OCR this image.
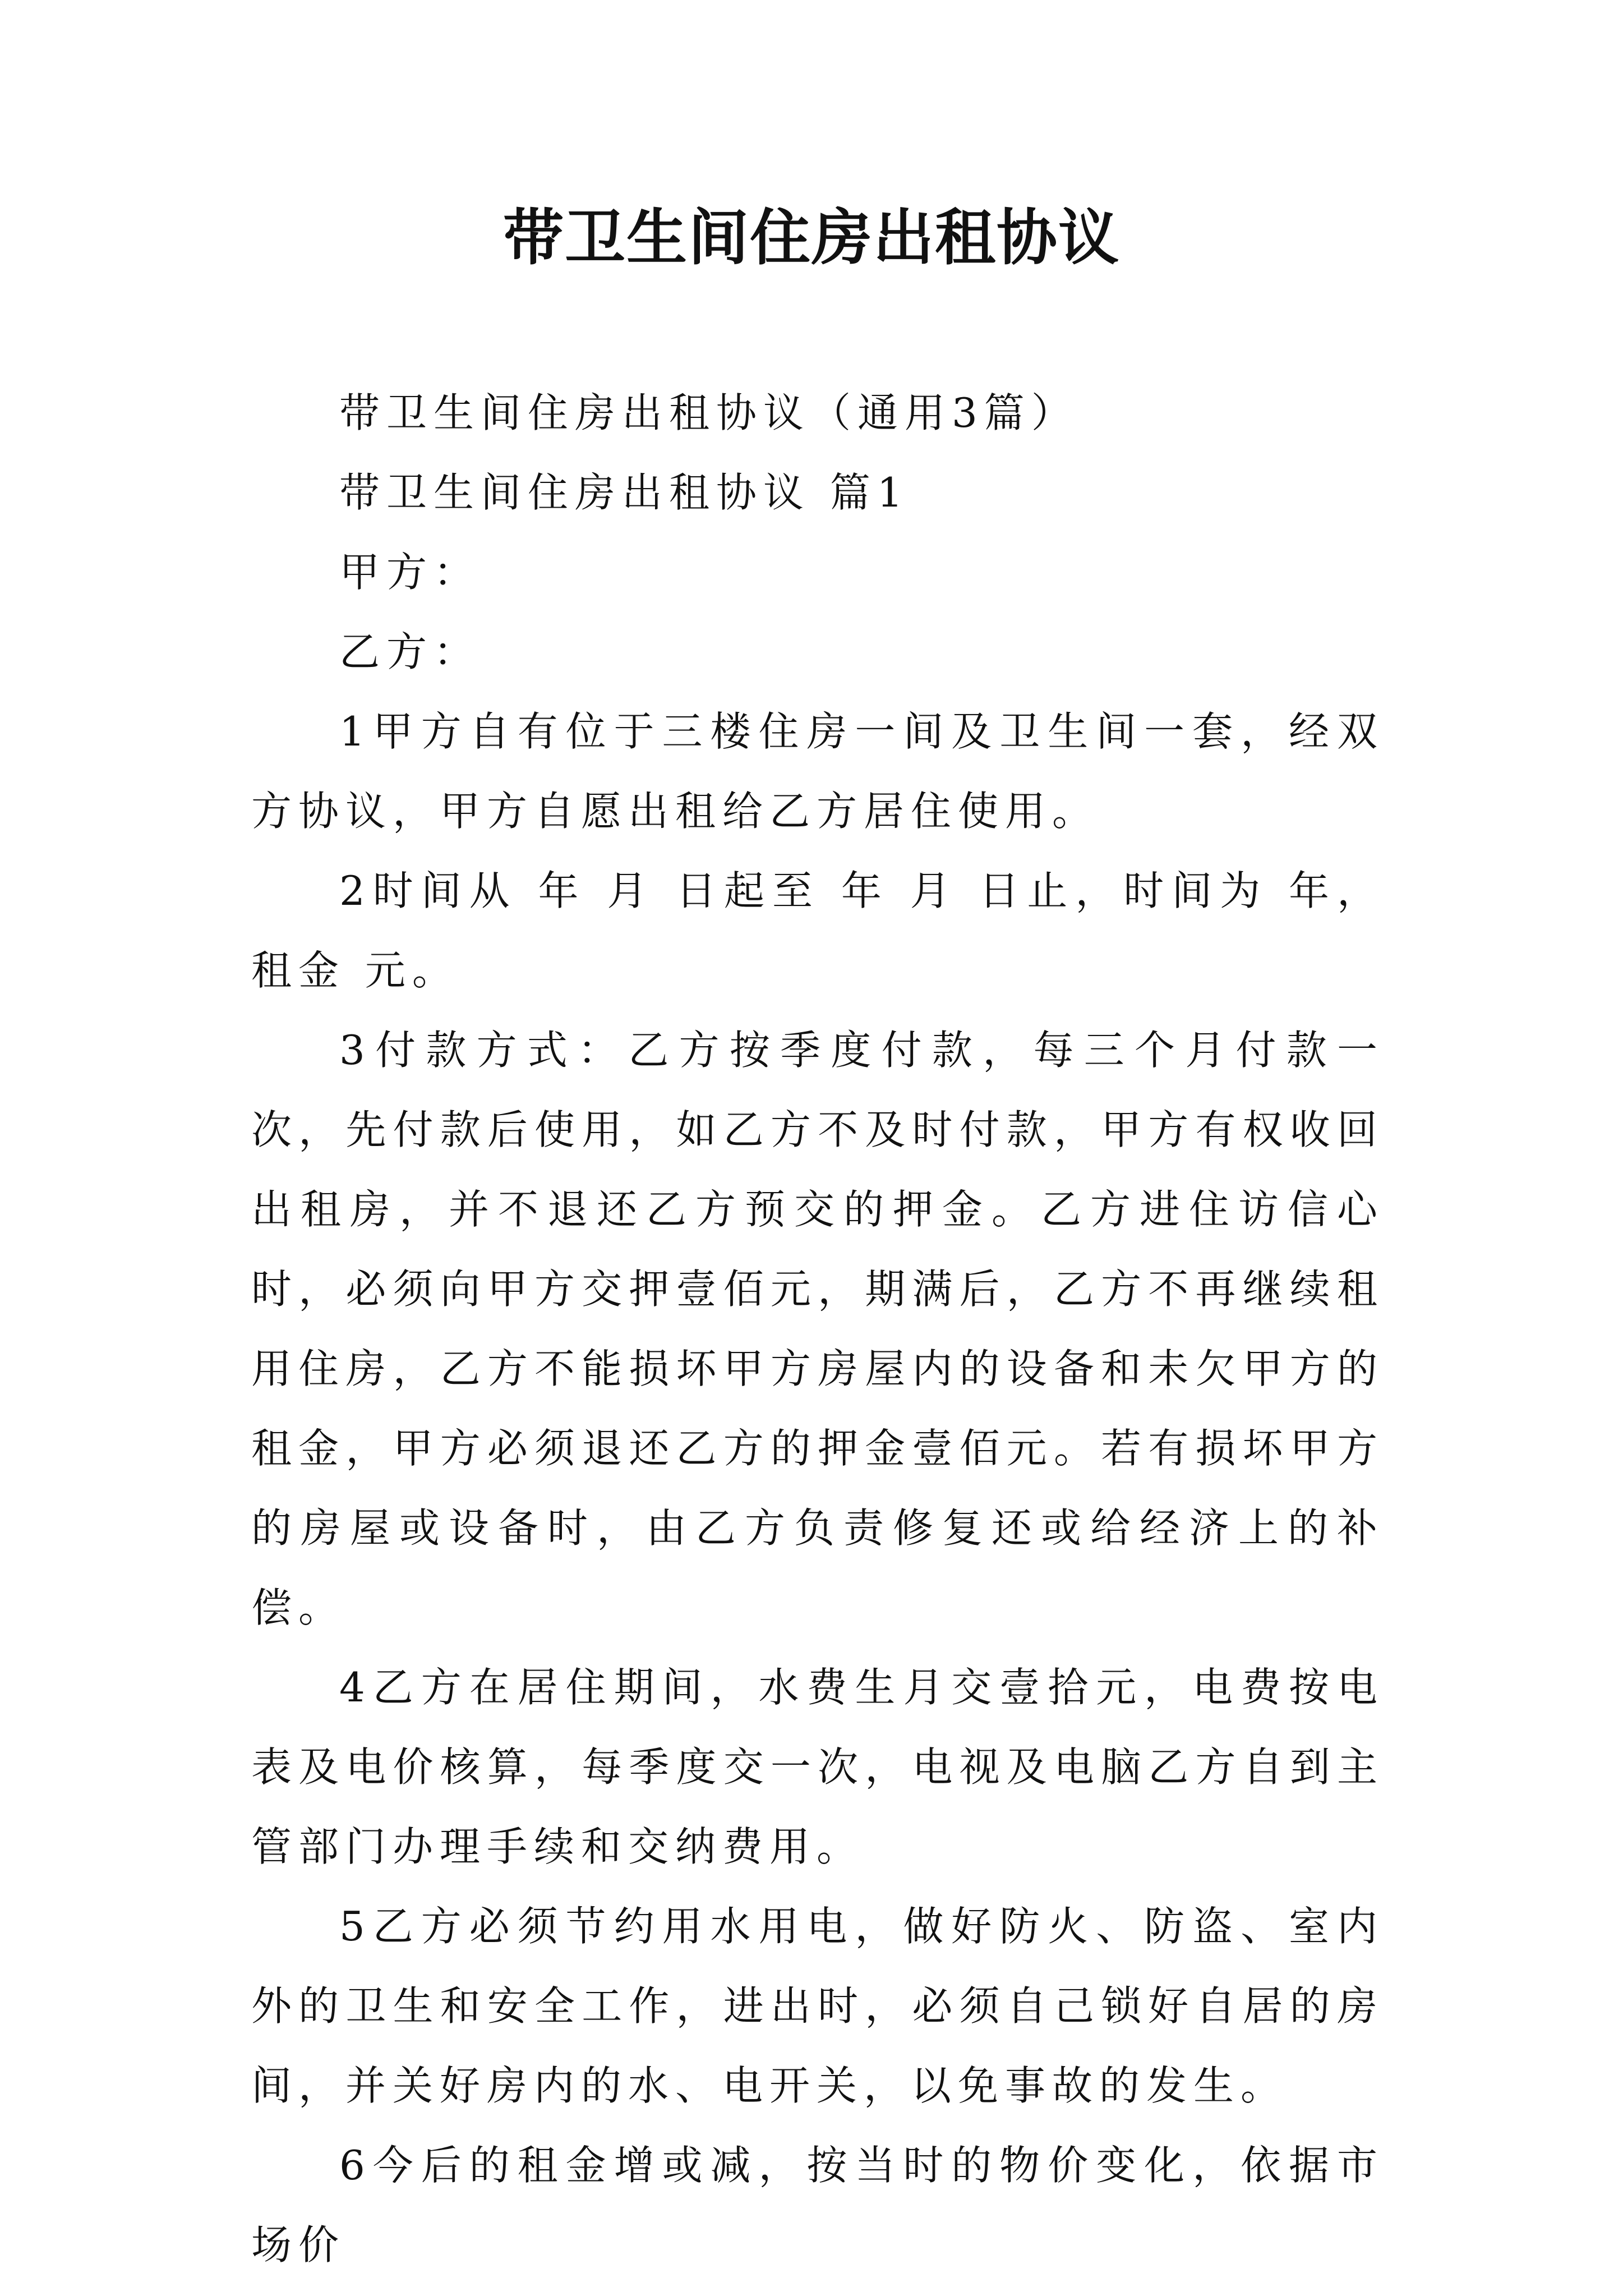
带卫生间住房出租协议

带卫生间住房出租协议（通用3篇）

带卫生间住房出租协议 篇1

甲方：

乙方：

1甲方自有位于三楼住房一间及卫生间一套，经双方协议，甲方自愿出租给乙方居住使用。

2时间从 年 月 日起至 年 月 日止，时间为 年，租金 元。

3付款方式：乙方按季度付款，每三个月付款一次，先付款后使用，如乙方不及时付款，甲方有权收回出租房，并不退还乙方预交的押金。乙方进住访信心时，必须向甲方交押壹佰元，期满后，乙方不再继续租用住房，乙方不能损坏甲方房屋内的设备和未欠甲方的租金，甲方必须退还乙方的押金壹佰元。若有损坏甲方的房屋或设备时，由乙方负责修复还或给经济上的补偿。

4乙方在居住期间，水费生月交壹拾元，电费按电表及电价核算，每季度交一次，电视及电脑乙方自到主管部门办理手续和交纳费用。

5乙方必须节约用水用电，做好防火、防盗、室内外的卫生和安全工作，进出时，必须自己锁好自居的房间，并关好房内的水、电开关，以免事故的发生。

6今后的租金增或减，按当时的物价变化，依据市场价
